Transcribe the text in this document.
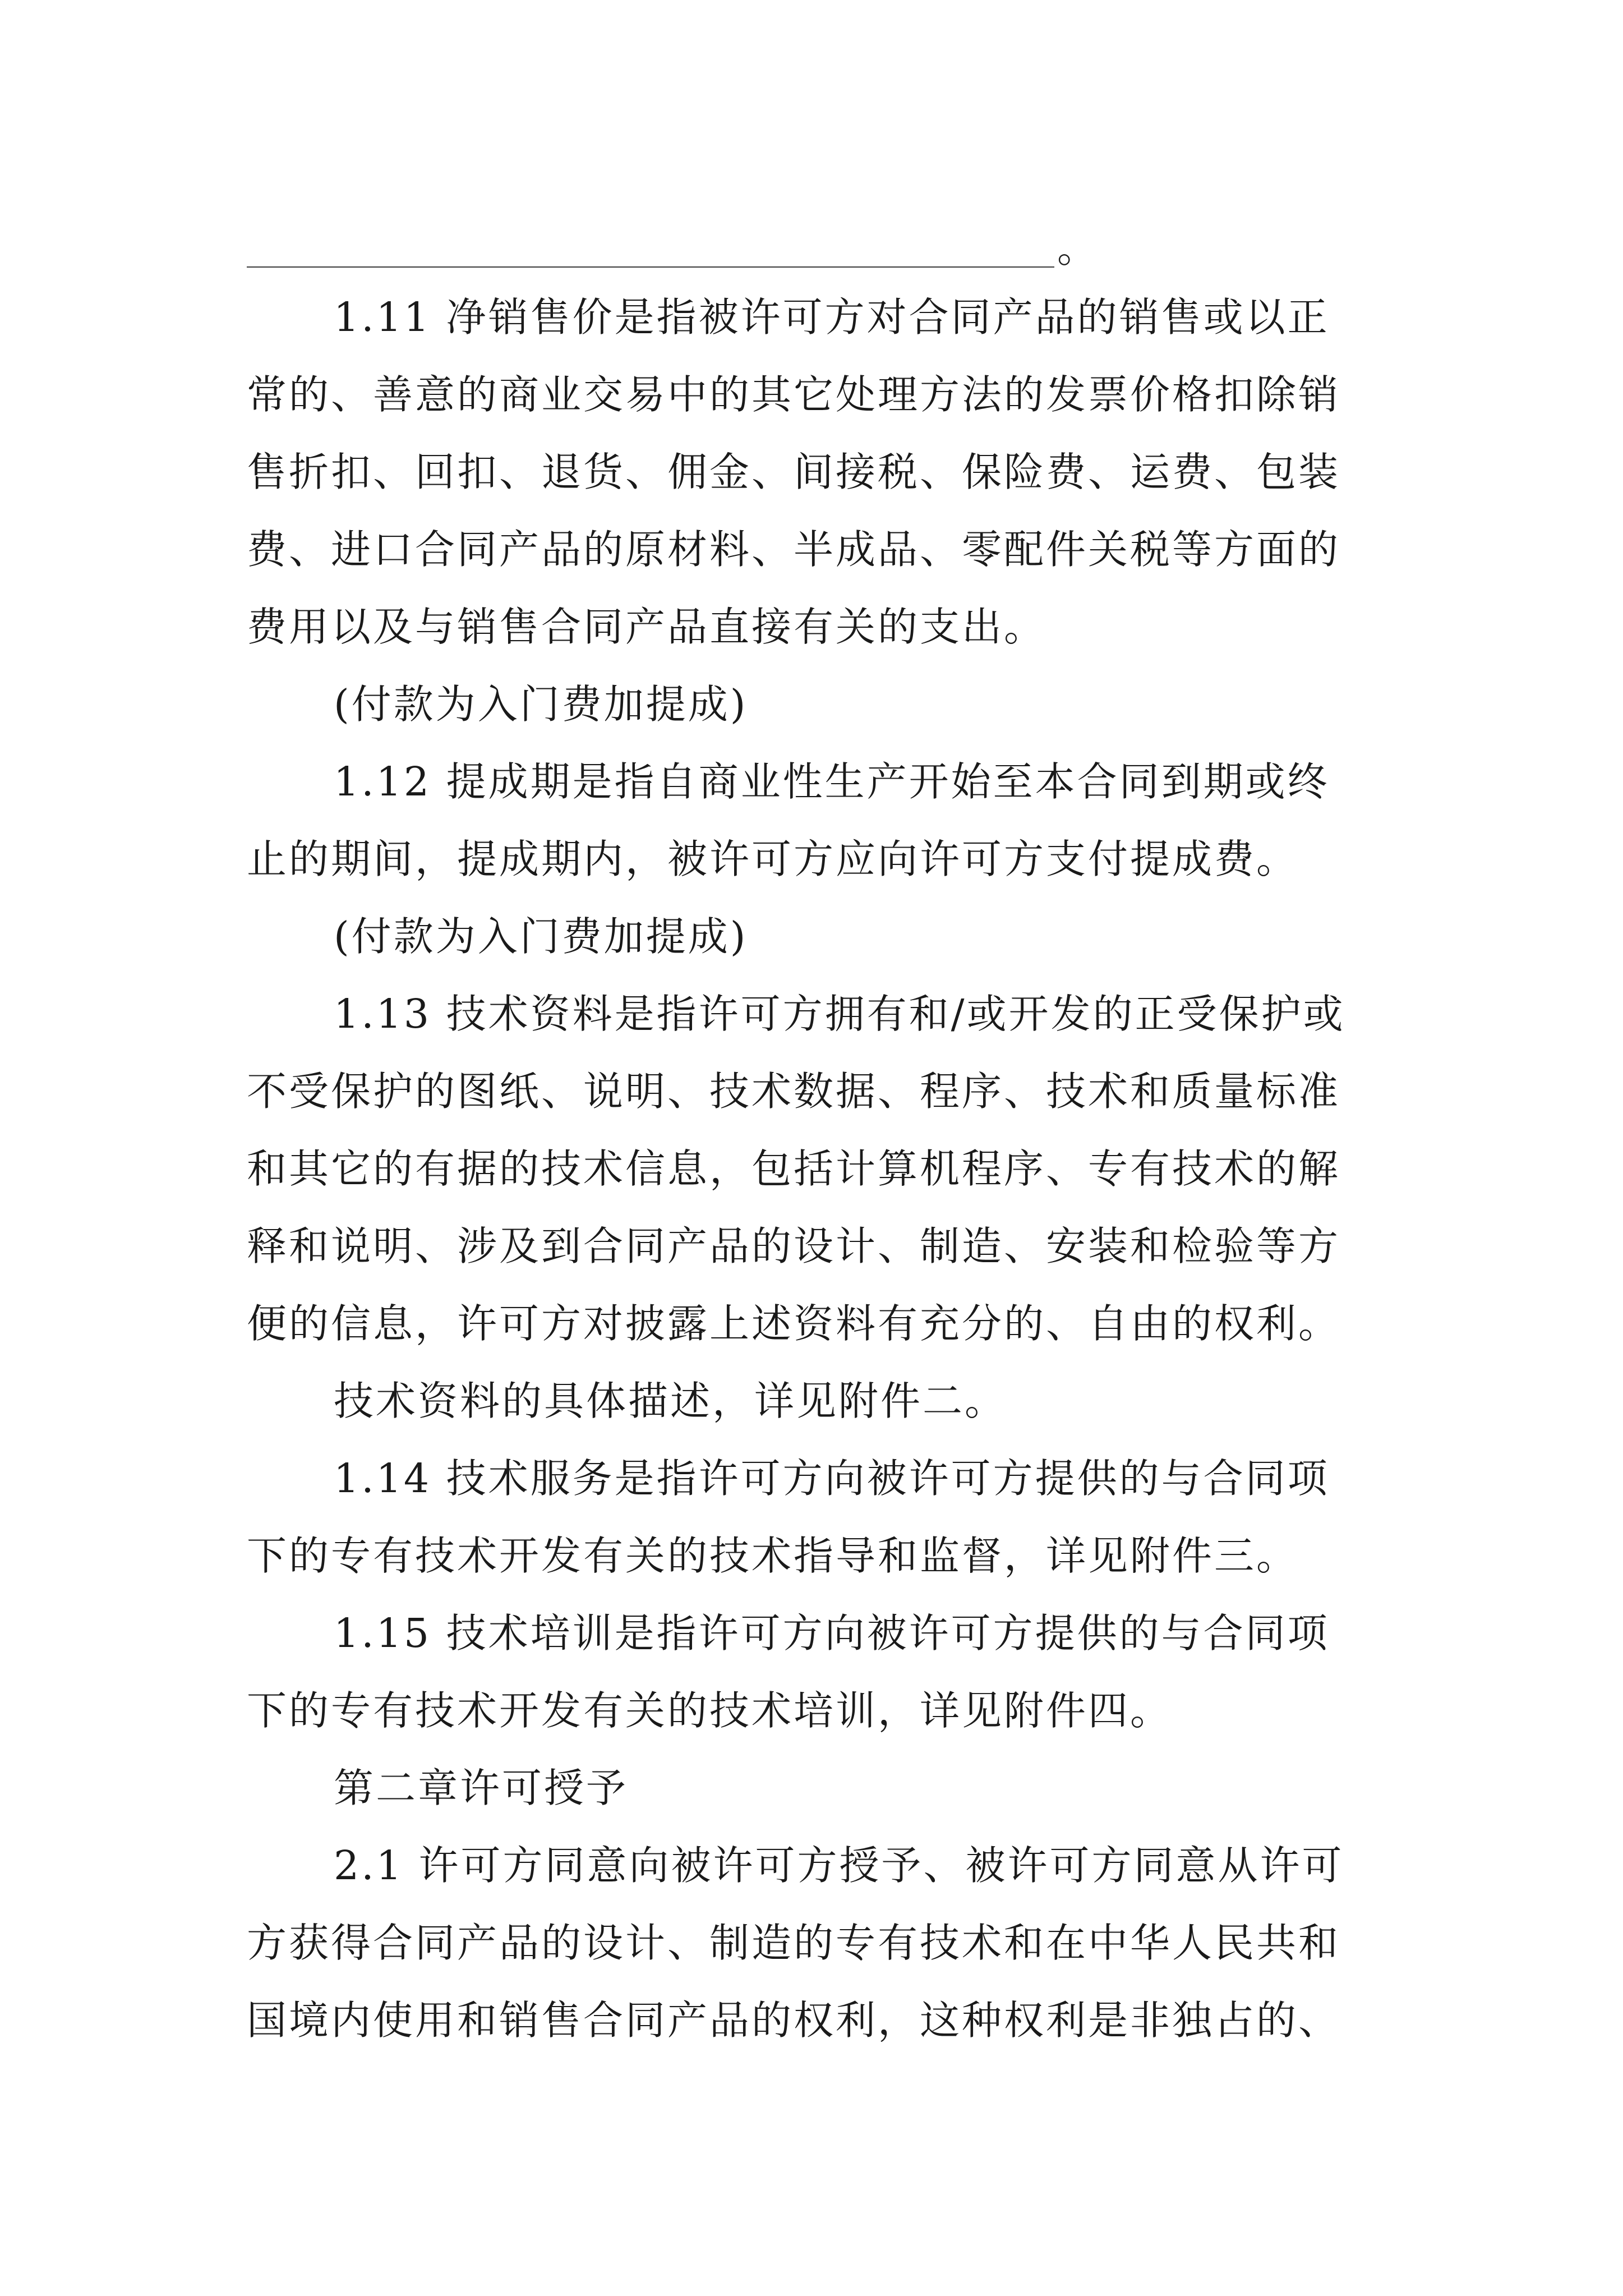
。
1.11 净销售价是指被许可方对合同产品的销售或以正
常的、善意的商业交易中的其它处理方法的发票价格扣除销
售折扣、回扣、退货、佣金、间接税、保险费、运费、包装
费、进口合同产品的原材料、半成品、零配件关税等方面的
费用以及与销售合同产品直接有关的支出。
(付款为入门费加提成)
1.12 提成期是指自商业性生产开始至本合同到期或终
止的期间，提成期内，被许可方应向许可方支付提成费。
(付款为入门费加提成)
1.13 技术资料是指许可方拥有和/或开发的正受保护或
不受保护的图纸、说明、技术数据、程序、技术和质量标准
和其它的有据的技术信息，包括计算机程序、专有技术的解
释和说明、涉及到合同产品的设计、制造、安装和检验等方
便的信息，许可方对披露上述资料有充分的、自由的权利。
技术资料的具体描述，详见附件二。
1.14 技术服务是指许可方向被许可方提供的与合同项
下的专有技术开发有关的技术指导和监督，详见附件三。
1.15 技术培训是指许可方向被许可方提供的与合同项
下的专有技术开发有关的技术培训，详见附件四。
第二章许可授予
2.1 许可方同意向被许可方授予、被许可方同意从许可
方获得合同产品的设计、制造的专有技术和在中华人民共和
国境内使用和销售合同产品的权利，这种权利是非独占的、
